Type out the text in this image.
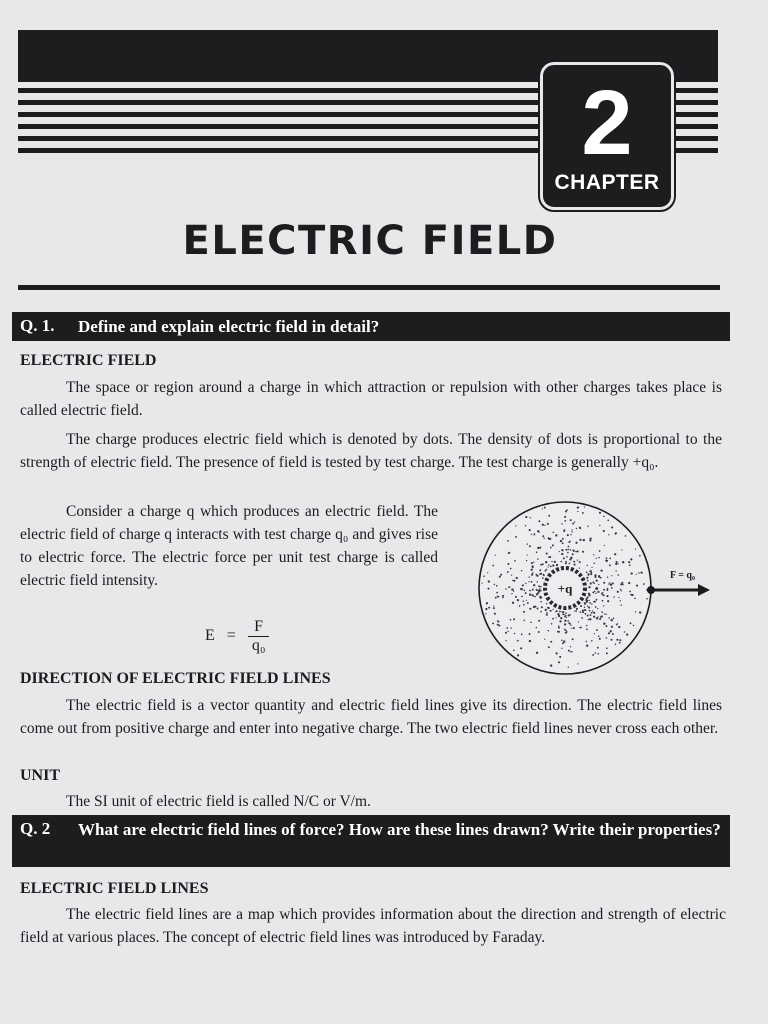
2
CHAPTER
ELECTRIC FIELD
Q. 1. Define and explain electric field in detail?
ELECTRIC FIELD

The space or region around a charge in which attraction or repulsion with other charges takes place is called electric field.

The charge produces electric field which is denoted by dots. The density of dots is proportional to the strength of electric field. The presence of field is tested by test charge. The test charge is generally +q₀.

Consider a charge q which produces an electric field. The electric field of charge q interacts with test charge q₀ and gives rise to electric force. The electric force per unit test charge is called electric field intensity.

$E = \frac{F}{\text{q₀}}$
+q
F = q₀
DIRECTION OF ELECTRIC FIELD LINES

The electric field is a vector quantity and electric field lines give its direction. The electric field lines come out from positive charge and enter into negative charge. The two electric field lines never cross each other.

UNIT

The SI unit of electric field is called N/C or V/m.

Q. 2 What are electric field lines of force? How are these lines drawn? Write their properties?
ELECTRIC FIELD LINES

The electric field lines are a map which provides information about the direction and strength of electric field at various places. The concept of electric field lines was introduced by Faraday.
